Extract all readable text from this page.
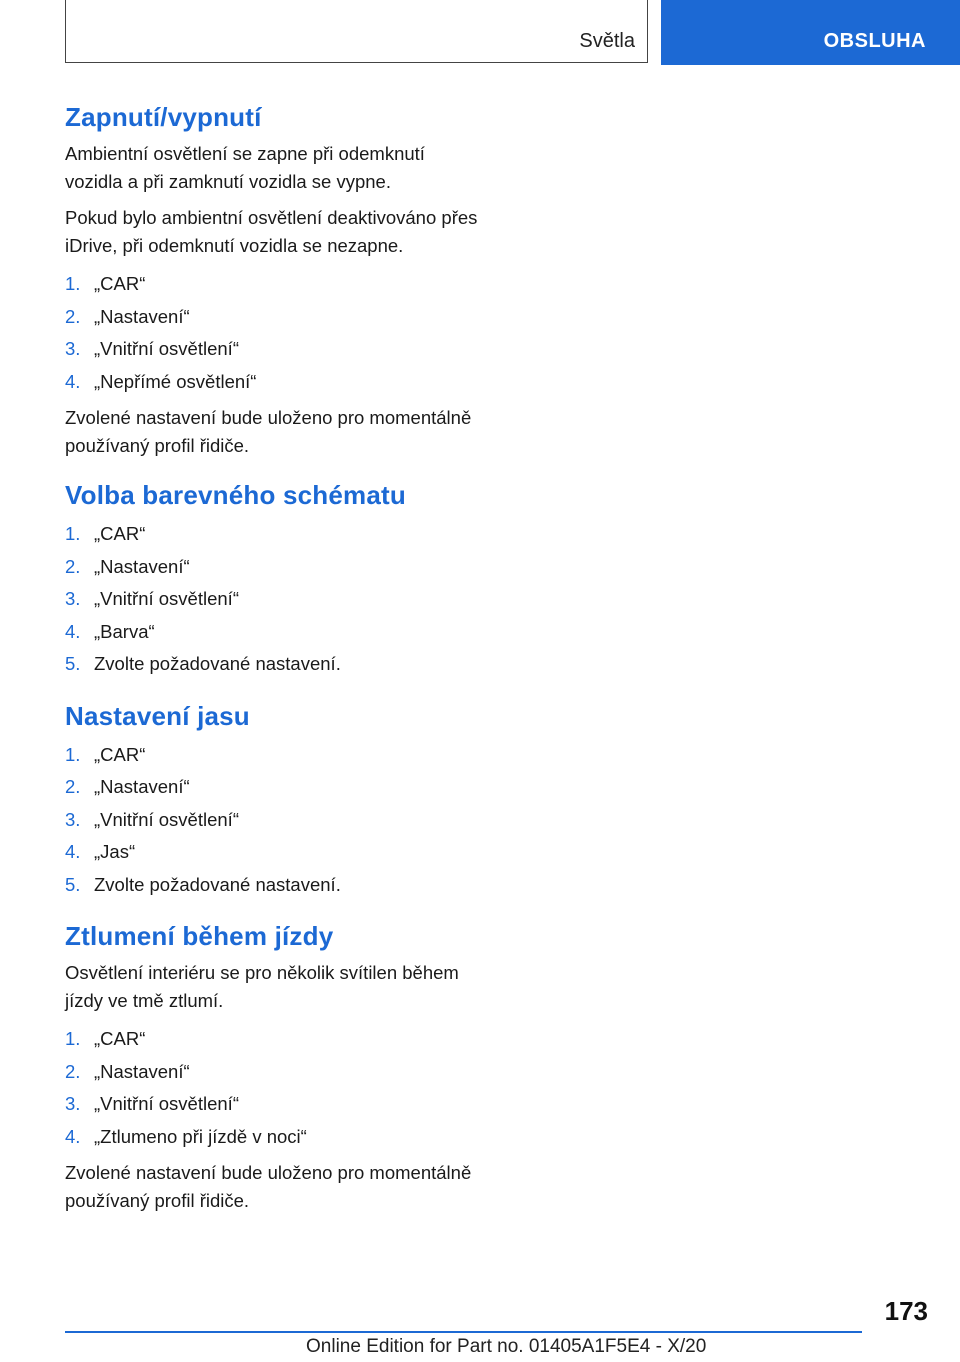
Světla	OBSLUHA
Zapnutí/vypnutí

Ambientní osvětlení se zapne při odemknutí vozidla a při zamknutí vozidla se vypne.

Pokud bylo ambientní osvětlení deaktivováno přes iDrive, při odemknutí vozidla se nezapne.

1. „CAR“
2. „Nastavení“
3. „Vnitřní osvětlení“
4. „Nepřímé osvětlení“

Zvolené nastavení bude uloženo pro momentálně používaný profil řidiče.

Volba barevného schématu
1. „CAR“
2. „Nastavení“
3. „Vnitřní osvětlení“
4. „Barva“
5. Zvolte požadované nastavení.
Nastavení jasu
1. „CAR“
2. „Nastavení“
3. „Vnitřní osvětlení“
4. „Jas“
5. Zvolte požadované nastavení.
Ztlumení během jízdy

Osvětlení interiéru se pro několik svítilen během jízdy ve tmě ztlumí.

1. „CAR“
2. „Nastavení“
3. „Vnitřní osvětlení“
4. „Ztlumeno při jízdě v noci“

Zvolené nastavení bude uloženo pro momentálně používaný profil řidiče.

173
Online Edition for Part no. 01405A1F5E4 - X/20
